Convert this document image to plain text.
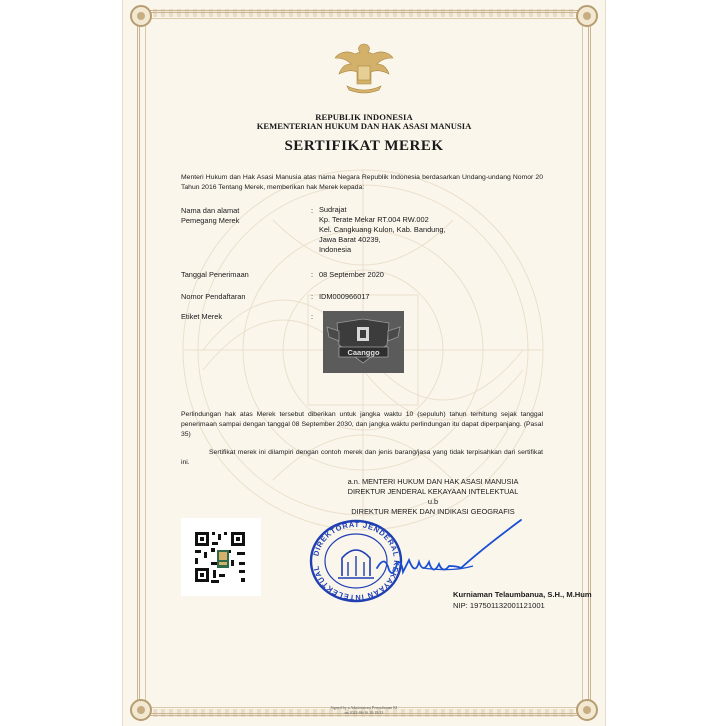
REPUBLIK INDONESIA
KEMENTERIAN HUKUM DAN HAK ASASI MANUSIA
SERTIFIKAT MEREK
Menteri Hukum dan Hak Asasi Manusia atas nama Negara Republik Indonesia berdasarkan Undang-undang Nomor 20 Tahun 2016 Tentang Merek, memberikan hak Merek kepada:
Nama dan alamat
Pemegang Merek
: Sudrajat
Kp. Terate Mekar RT.004 RW.002
Kel. Cangkuang Kulon, Kab. Bandung,
Jawa Barat 40239,
Indonesia
Tanggal Penerimaan	: 08 September 2020
Nomor Pendaftaran	: IDM000966017
Etiket Merek	:
Caanggo
Perlindungan hak atas Merek tersebut diberikan untuk jangka waktu 10 (sepuluh) tahun terhitung sejak tanggal penerimaan sampai dengan tanggal 08 September 2030, dan jangka waktu perlindungan itu dapat diperpanjang. (Pasal 35)
Sertifikat merek ini dilampiri dengan contoh merek dan jenis barang/jasa yang tidak terpisahkan dari sertifikat ini.
a.n. MENTERI HUKUM DAN HAK ASASI MANUSIA
DIREKTUR JENDERAL KEKAYAAN INTELEKTUAL
u.b
DIREKTUR MEREK DAN INDIKASI GEOGRAFIS
DIREKTORAT JENDERAL KEKAYAAN INTELEKTUAL
Kurniaman Telaumbanua, S.H., M.Hum
NIP: 197501132001121001
Signed by n Administrasi Permohonan KI
on 2022-06-16 10:18:33
